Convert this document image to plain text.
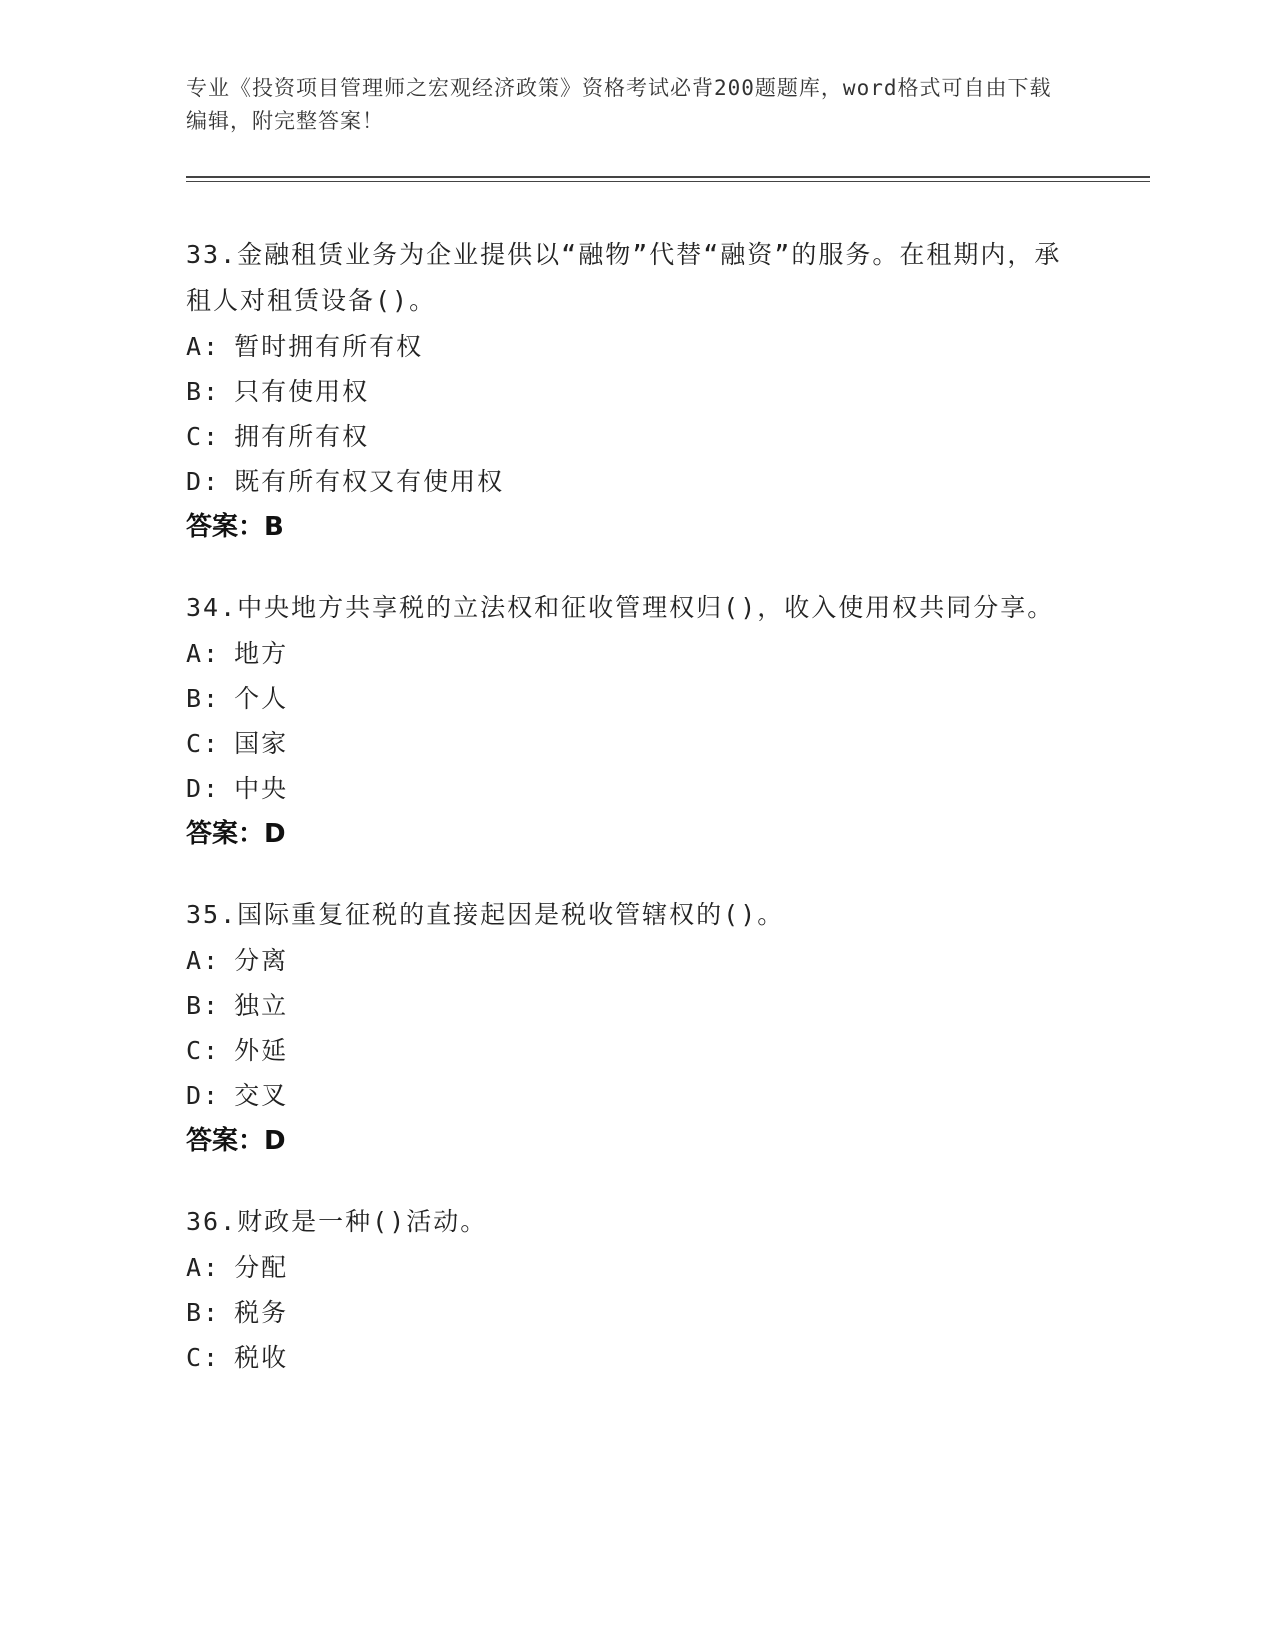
专业《投资项目管理师之宏观经济政策》资格考试必背200题题库，word格式可自由下载编辑，附完整答案！

33.金融租赁业务为企业提供以“融物”代替“融资”的服务。在租期内，承租人对租赁设备()。

A: 暂时拥有所有权

B: 只有使用权

C: 拥有所有权

D: 既有所有权又有使用权

答案：B

34.中央地方共享税的立法权和征收管理权归()，收入使用权共同分享。

A: 地方

B: 个人

C: 国家

D: 中央

答案：D

35.国际重复征税的直接起因是税收管辖权的()。

A: 分离

B: 独立

C: 外延

D: 交叉

答案：D

36.财政是一种()活动。

A: 分配

B: 税务

C: 税收
